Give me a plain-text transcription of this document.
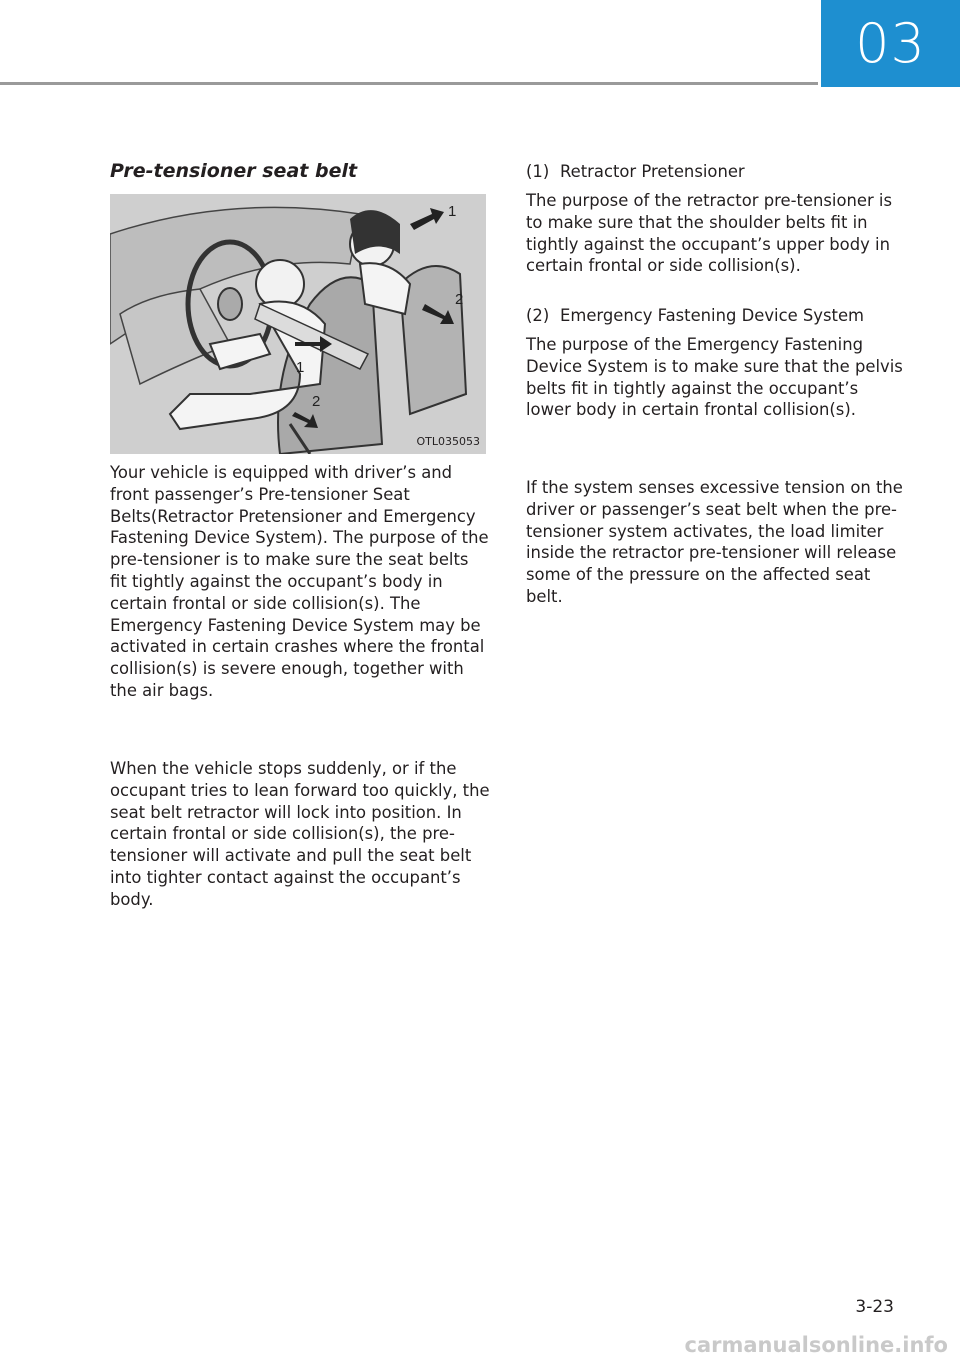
03
Pre-tensioner seat belt
1
2
1
2
OTL035053

Your vehicle is equipped with driver’s and front passenger’s Pre-tensioner Seat Belts(Retractor Pretensioner and Emergency Fastening Device System). The purpose of the pre-tensioner is to make sure the seat belts fit tightly against the occupant’s body in certain frontal or side collision(s). The Emergency Fastening Device System may be activated in certain crashes where the frontal collision(s) is severe enough, together with the air bags.

When the vehicle stops suddenly, or if the occupant tries to lean forward too quickly, the seat belt retractor will lock into position. In certain frontal or side collision(s), the pre-tensioner will activate and pull the seat belt into tighter contact against the occupant’s body.

(1) Retractor Pretensioner

The purpose of the retractor pre-tensioner is to make sure that the shoulder belts fit in tightly against the occupant’s upper body in certain frontal or side collision(s).

(2) Emergency Fastening Device System

The purpose of the Emergency Fastening Device System is to make sure that the pelvis belts fit in tightly against the occupant’s lower body in certain frontal collision(s).

If the system senses excessive tension on the driver or passenger’s seat belt when the pre-tensioner system activates, the load limiter inside the retractor pre-tensioner will release some of the pressure on the affected seat belt.

3-23
carmanualsonline.info
